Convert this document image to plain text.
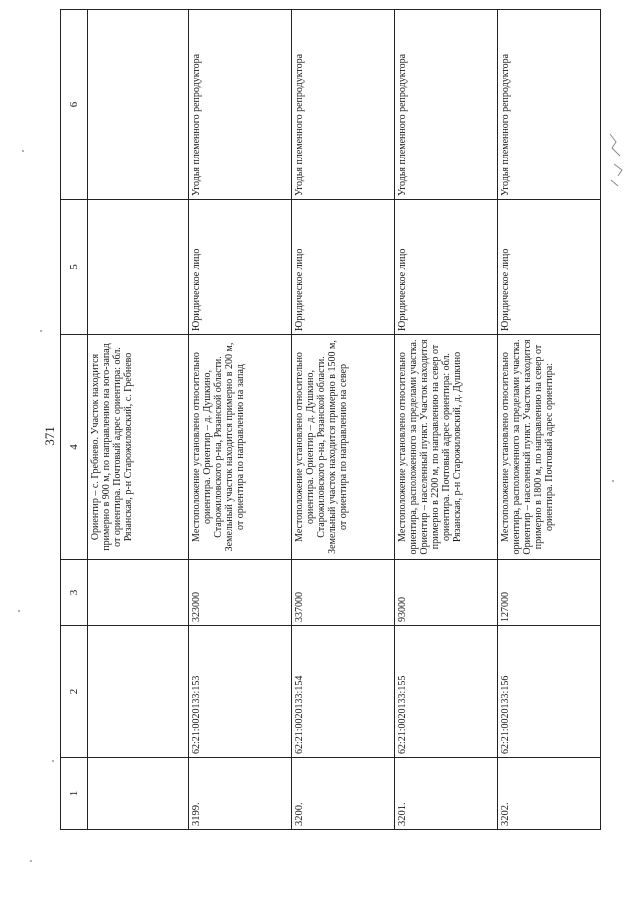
371
1	2	3	4	5	6
			Ориентир – с. Гребнево. Участок находится примерно в 900 м, по направлению на юго-запад от ориентира. Почтовый адрес ориентира: обл. Рязанская, р-н Старожиловский, с. Гребнево		
3199.	62:21:0020133:153	323000	Местоположение установлено относительно ориентира. Ориентир – д. Душкино, Старожиловского р-на, Рязанской области. Земельный участок находится примерно в 200 м, от ориентира по направлению на запад	Юридическое лицо	Угодья племенного репродуктора
3200.	62:21:0020133:154	337000	Местоположение установлено относительно ориентира. Ориентир – д. Душкино, Старожиловского р-на, Рязанской области. Земельный участок находится примерно в 1500 м, от ориентира по направлению на север	Юридическое лицо	Угодья племенного репродуктора
3201.	62:21:0020133:155	93000	Местоположение установлено относительно ориентира, расположенного за пределами участка. Ориентир – населенный пункт. Участок находится примерно в 2200 м, по направлению на север от ориентира. Почтовый адрес ориентира: обл. Рязанская, р-н Старожиловский, д. Душкино	Юридическое лицо	Угодья племенного репродуктора
3202.	62:21:0020133:156	127000	Местоположение установлено относительно ориентира, расположенного за пределами участка. Ориентир – населенный пункт. Участок находится примерно в 1800 м, по направлению на север от ориентира. Почтовый адрес ориентира:	Юридическое лицо	Угодья племенного репродуктора
